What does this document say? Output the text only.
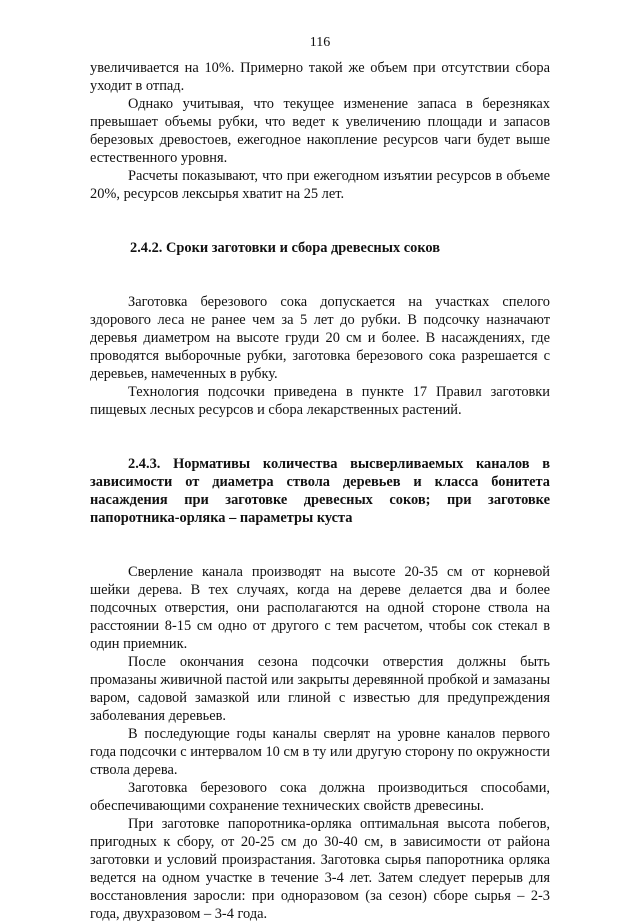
116

увеличивается на 10%. Примерно такой же объем при отсутствии сбора уходит в отпад.

Однако учитывая, что текущее изменение запаса в березняках превышает объемы рубки, что ведет к увеличению площади и запасов березовых древостоев, ежегодное накопление ресурсов чаги будет выше естественного уровня.

Расчеты показывают, что при ежегодном изъятии ресурсов в объеме 20%, ресурсов лексырья хватит на 25 лет.

2.4.2. Сроки заготовки и сбора древесных соков

Заготовка березового сока допускается на участках спелого здорового леса не ранее чем за 5 лет до рубки. В подсочку назначают деревья диаметром на высоте груди 20 см и более. В насаждениях, где проводятся выборочные рубки, заготовка березового сока разрешается с деревьев, намеченных в рубку.

Технология подсочки приведена в пункте 17 Правил заготовки пищевых лесных ресурсов и сбора лекарственных растений.

2.4.3. Нормативы количества высверливаемых каналов в зависимости от диаметра ствола деревьев и класса бонитета насаждения при заготовке древесных соков; при заготовке папоротника-орляка – параметры куста

Сверление канала производят на высоте 20-35 см от корневой шейки дерева. В тех случаях, когда на дереве делается два и более подсочных отверстия, они располагаются на одной стороне ствола на расстоянии 8-15 см одно от другого с тем расчетом, чтобы сок стекал в один приемник.

После окончания сезона подсочки отверстия должны быть промазаны живичной пастой или закрыты деревянной пробкой и замазаны варом, садовой замазкой или глиной с известью для предупреждения заболевания деревьев.

В последующие годы каналы сверлят на уровне каналов первого года подсочки с интервалом 10 см в ту или другую сторону по окружности ствола дерева.

Заготовка березового сока должна производиться способами, обеспечивающими сохранение технических свойств древесины.

При заготовке папоротника-орляка оптимальная высота побегов, пригодных к сбору, от 20-25 см до 30-40 см, в зависимости от района заготовки и условий произрастания. Заготовка сырья папоротника орляка ведется на одном участке в течение 3-4 лет. Затем следует перерыв для восстановления заросли: при одноразовом (за сезон) сборе сырья – 2-3 года, двухразовом – 3-4 года.
